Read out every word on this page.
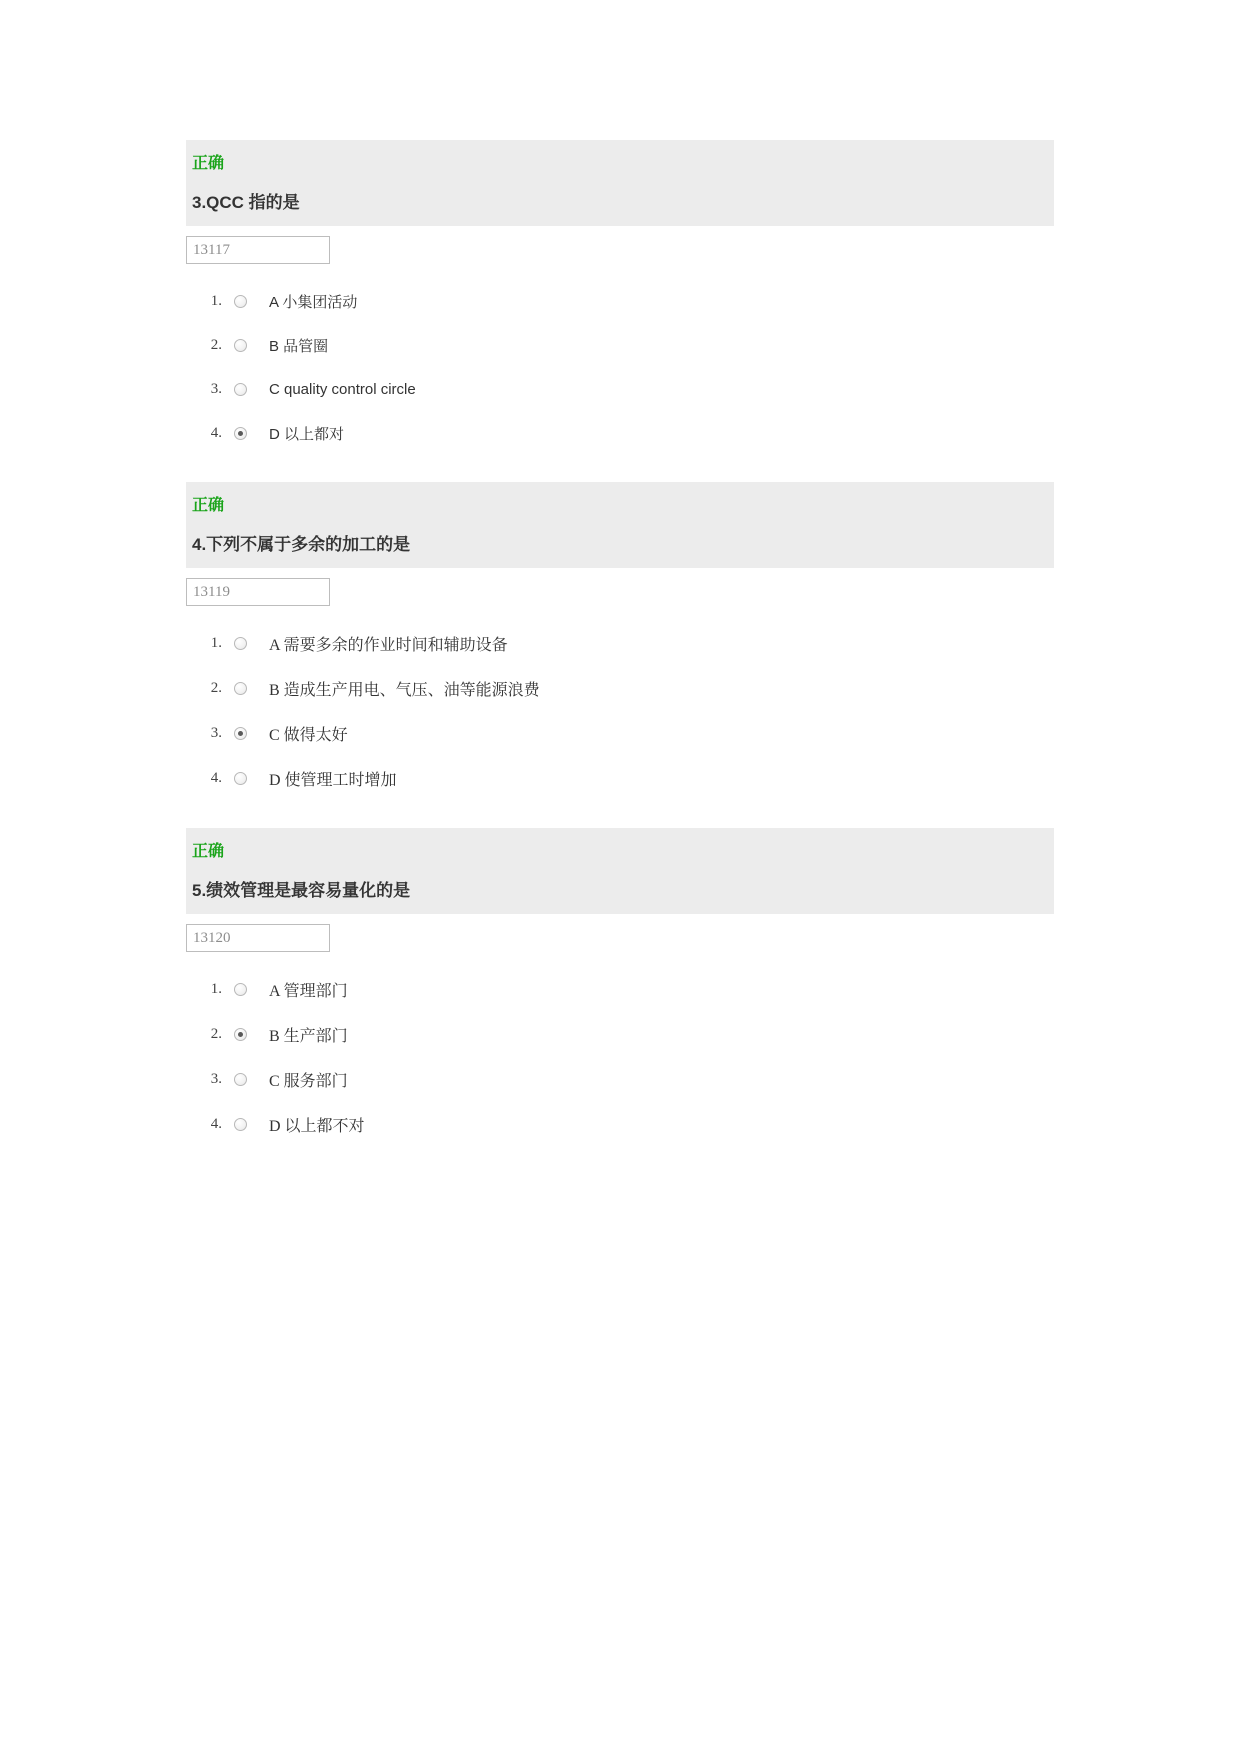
正确
3.QCC 指的是
13117
1.	A 小集团活动
2.	B 品管圈
3.	C quality control circle
4.	D 以上都对
正确
4.下列不属于多余的加工的是
13119
1.	A 需要多余的作业时间和辅助设备
2.	B 造成生产用电、气压、油等能源浪费
3.	C 做得太好
4.	D 使管理工时增加
正确
5.绩效管理是最容易量化的是
13120
1.	A 管理部门
2.	B 生产部门
3.	C 服务部门
4.	D 以上都不对
